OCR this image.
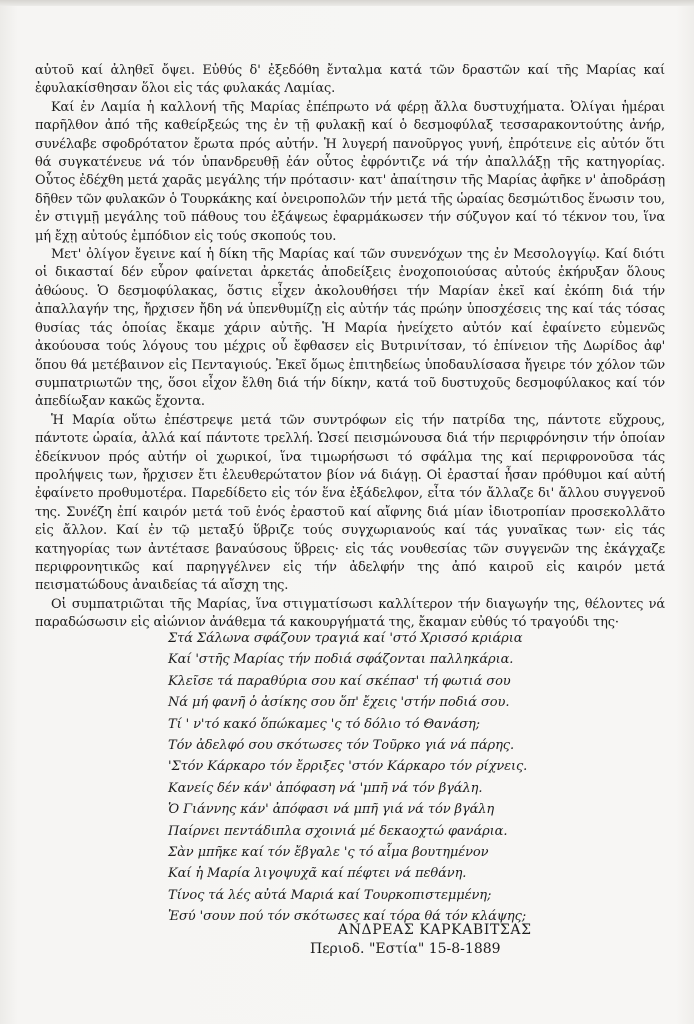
αὐτοῦ καί ἀληθεῖ ὄψει. Εὐθύς δ' ἐξεδόθη ἔνταλμα κατά τῶν δραστῶν καί τῆς Μαρίας καί ἐφυλακίσθησαν ὅλοι εἰς τάς φυλακάς Λαμίας.

Καί ἐν Λαμία ἡ καλλονή τῆς Μαρίας ἐπέπρωτο νά φέρῃ ἄλλα δυστυχήματα. Ὀλίγαι ἡμέραι παρῆλθον ἀπό τῆς καθείρξεώς της ἐν τῇ φυλακῇ καί ὁ δεσμοφύλαξ τεσσαρακοντούτης ἀνήρ, συνέλαβε σφοδρότατον ἔρωτα πρός αὐτήν. Ἡ λυγερή πανοῦργος γυνή, ἐπρότεινε εἰς αὐτόν ὅτι θά συγκατένευε νά τόν ὑπανδρευθῇ ἐάν οὗτος ἐφρόντιζε νά τήν ἀπαλλάξῃ τῆς κατηγορίας. Οὗτος ἐδέχθη μετά χαρᾶς μεγάλης τήν πρότασιν· κατ' ἀπαίτησιν τῆς Μαρίας ἀφῆκε ν' ἀποδράσῃ δῆθεν τῶν φυλακῶν ὁ Τουρκάκης καί ὀνειροπολῶν τήν μετά τῆς ὡραίας δεσμώτιδος ἕνωσιν του, ἐν στιγμῇ μεγάλης τοῦ πάθους του ἐξάψεως ἐφαρμάκωσεν τήν σύζυγον καί τό τέκνον του, ἵνα μή ἔχῃ αὐτούς ἐμπόδιον εἰς τούς σκοπούς του.

Μετ' ὀλίγον ἔγεινε καί ἡ δίκη τῆς Μαρίας καί τῶν συνενόχων της ἐν Μεσολογγίῳ. Καί διότι οἱ δικασταί δέν εὗρον φαίνεται ἀρκετάς ἀποδείξεις ἐνοχοποιούσας αὐτούς ἐκήρυξαν ὅλους ἀθώους. Ὁ δεσμοφύλακας, ὅστις εἶχεν ἀκολουθήσει τήν Μαρίαν ἐκεῖ καί ἐκόπη διά τήν ἀπαλλαγήν της, ἤρχισεν ἤδη νά ὑπενθυμίζῃ εἰς αὐτήν τάς πρώην ὑποσχέσεις της καί τάς τόσας θυσίας τάς ὁποίας ἔκαμε χάριν αὐτῆς. Ἡ Μαρία ἠνείχετο αὐτόν καί ἐφαίνετο εὐμενῶς ἀκούουσα τούς λόγους του μέχρις οὗ ἔφθασεν εἰς Βυτρινίτσαν, τό ἐπίνειον τῆς Δωρίδος ἀφ' ὅπου θά μετέβαινον εἰς Πενταγιούς. Ἐκεῖ ὅμως ἐπιτηδείως ὑποδαυλίσασα ἤγειρε τόν χόλον τῶν συμπατριωτῶν της, ὅσοι εἶχον ἔλθη διά τήν δίκην, κατά τοῦ δυστυχοῦς δεσμοφύλακος καί τόν ἀπεδίωξαν κακῶς ἔχοντα.

Ἡ Μαρία οὕτω ἐπέστρεψε μετά τῶν συντρόφων εἰς τήν πατρίδα της, πάντοτε εὔχρους, πάντοτε ὡραία, ἀλλά καί πάντοτε τρελλή. Ὡσεί πεισμώνουσα διά τήν περιφρόνησιν τήν ὁποίαν ἐδείκνυον πρός αὐτήν οἱ χωρικοί, ἵνα τιμωρήσωσι τό σφάλμα της καί περιφρονοῦσα τάς προλήψεις των, ἤρχισεν ἔτι ἐλευθερώτατον βίον νά διάγῃ. Οἱ ἐρασταί ἦσαν πρόθυμοι καί αὐτή ἐφαίνετο προθυμοτέρα. Παρεδίδετο εἰς τόν ἕνα ἐξάδελφον, εἶτα τόν ἄλλαζε δι' ἄλλου συγγενοῦ της. Συνέζη ἐπί καιρόν μετά τοῦ ἑνός ἐραστοῦ καί αἴφνης διά μίαν ἰδιοτροπίαν προσεκολλᾶτο εἰς ἄλλον. Καί ἐν τῷ μεταξύ ὕβριζε τούς συγχωριανούς καί τάς γυναῖκας των· εἰς τάς κατηγορίας των ἀντέτασε βαναύσους ὕβρεις· εἰς τάς νουθεσίας τῶν συγγενῶν της ἐκάγχαζε περιφρονητικῶς καί παρηγγέλνεν εἰς τήν ἀδελφήν της ἀπό καιροῦ εἰς καιρόν μετά πεισματώδους ἀναιδείας τά αἴσχη της.

Οἱ συμπατριῶται τῆς Μαρίας, ἵνα στιγματίσωσι καλλίτερον τήν διαγωγήν της, θέλοντες νά παραδώσωσιν εἰς αἰώνιον ἀνάθεμα τά κακουργήματά της, ἔκαμαν εὐθύς τό τραγούδι της·

Στά Σάλωνα σφάζουν τραγιά καί 'στό Χρισσό κριάρια
Καί 'στῆς Μαρίας τήν ποδιά σφάζονται παλληκάρια.
Κλεῖσε τά παραθύρια σου καί σκέπασ' τή φωτιά σου
Νά μή φανῆ ὁ ἀσίκης σου ὅπ' ἔχεις 'στήν ποδιά σου.
Τί ' ν'τό κακό ὅπώκαμες 'ς τό δόλιο τό Θανάση;
Τόν ἀδελφό σου σκότωσες τόν Τοῦρκο γιά νά πάρης.
'Στόν Κάρκαρο τόν ἔρριξες 'στόν Κάρκαρο τόν ρίχνεις.
Κανείς δέν κάν' ἀπόφαση νά 'μπῆ νά τόν βγάλη.
Ὁ Γιάννης κάν' ἀπόφασι νά μπῆ γιά νά τόν βγάλη
Παίρνει πεντάδιπλα σχοινιά μέ δεκαοχτώ φανάρια.
Σὰν μπῆκε καί τόν ἔβγαλε 'ς τό αἷμα βουτημένον
Καί ἡ Μαρία λιγοψυχᾶ καί πέφτει νά πεθάνη.
Τίνος τά λές αὐτά Μαριά καί Τουρκοπιστεμμένη;
Ἐσύ 'σουν πού τόν σκότωσες καί τόρα θά τόν κλάψης;
ΑΝΔΡΕΑΣ ΚΑΡΚΑΒΙΤΣΑΣ
Περιοδ. "Εστία" 15-8-1889
